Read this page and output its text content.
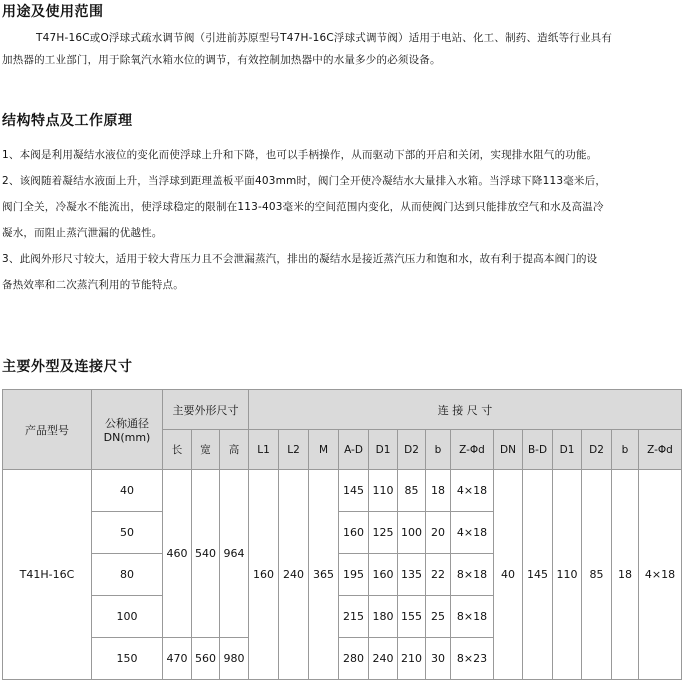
用途及使用范围
T47H-16C或O浮球式疏水调节阀（引进前苏原型号T47H-16C浮球式调节阀）适用于电站、化工、制药、造纸等行业具有
加热器的工业部门，用于除氧汽水箱水位的调节，有效控制加热器中的水量多少的必须设备。
结构特点及工作原理
1、本阀是利用凝结水液位的变化而使浮球上升和下降，也可以手柄操作，从而驱动下部的开启和关闭，实现排水阻气的功能。
2、该阀随着凝结水液面上升，当浮球到距理盖板平面403mm时，阀门全开使冷凝结水大量排入水箱。当浮球下降113毫米后，
阀门全关，冷凝水不能流出，使浮球稳定的限制在113-403毫米的空间范围内变化，从而使阀门达到只能排放空气和水及高温冷
凝水，而阻止蒸汽泄漏的优越性。
3、此阀外形尺寸较大，适用于较大背压力且不会泄漏蒸汽，排出的凝结水是接近蒸汽压力和饱和水，故有利于提高本阀门的设
备热效率和二次蒸汽利用的节能特点。
主要外型及连接尺寸
产品型号	公称通径DN(mm)	主要外形尺寸			连 接 尺 寸													
		长	宽	高	L1	L2	M	A-D	D1	D2	b	Z-Φd	DN	B-D	D1	D2	b	Z-Φd
T41H-16C	40	460	540	964	160	240	365	145	110	85	18	4×18	40	145	110	85	18	4×18
	50							160	125	100	20	4×18						
	80							195	160	135	22	8×18						
	100							215	180	155	25	8×18						
	150	470	560	980				280	240	210	30	8×23						
